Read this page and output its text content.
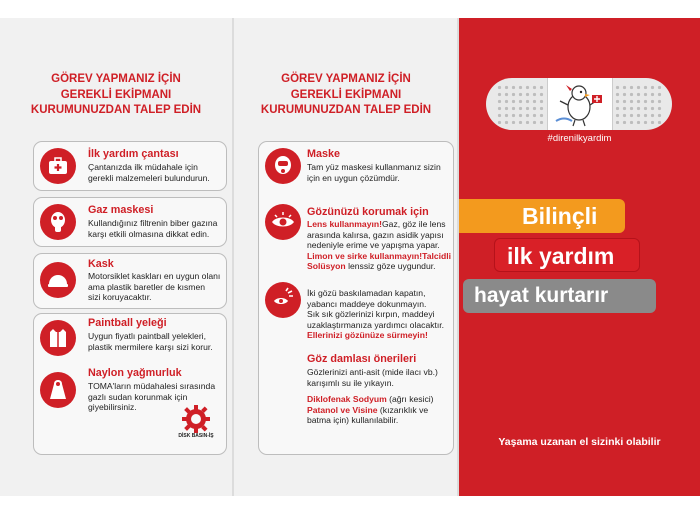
GÖREV YAPMANIZ İÇİN
GEREKLİ EKİPMANI
KURUMUNUZDAN TALEP EDİN
İlk yardım çantası
Çantanızda ilk müdahale için
gerekli malzemeleri bulundurun.
Gaz maskesi
Kullandığınız filtrenin biber gazına
karşı etkili olmasına dikkat edin.
Kask
Motorsiklet kaskları en uygun olanı
ama plastik baretler de kısmen
sizi koruyacaktır.
Paintball yeleği
Uygun fiyatlı paintball yelekleri,
plastik mermilere karşı sizi korur.
Naylon yağmurluk
TOMA'ların müdahalesi sırasında
gazlı sudan korunmak için
giyebilirsiniz.
DİSK BASIN-İŞ
GÖREV YAPMANIZ İÇİN
GEREKLİ EKİPMANI
KURUMUNUZDAN TALEP EDİN
Maske
Tam yüz maskesi kullanmanız sizin
için en uygun çözümdür.
Gözünüzü korumak için
Lens kullanmayın!Gaz, göz ile lens
arasında kalırsa, gazın asidik yapısı
nedeniyle erime ve yapışma yapar.
Limon ve sirke kullanmayın!Talcidli
Solüsyon lenssiz göze uygundur.
İki gözü baskılamadan kapatın,
yabancı maddeye dokunmayın.
Sık sık gözlerinizi kırpın, maddeyi
uzaklaştırmanıza yardımcı olacaktır.
Ellerinizi gözünüze sürmeyin!
Göz damlası önerileri
Gözlerinizi anti-asit (mide ilacı vb.)
karışımlı su ile yıkayın.
Diklofenak Sodyum (ağrı kesici)
Patanol ve Visine (kızarıklık ve
batma için) kullanılabilir.
#direnilkyardim
Bilinçli
ilk yardım
hayat kurtarır
Yaşama uzanan el sizinki olabilir
